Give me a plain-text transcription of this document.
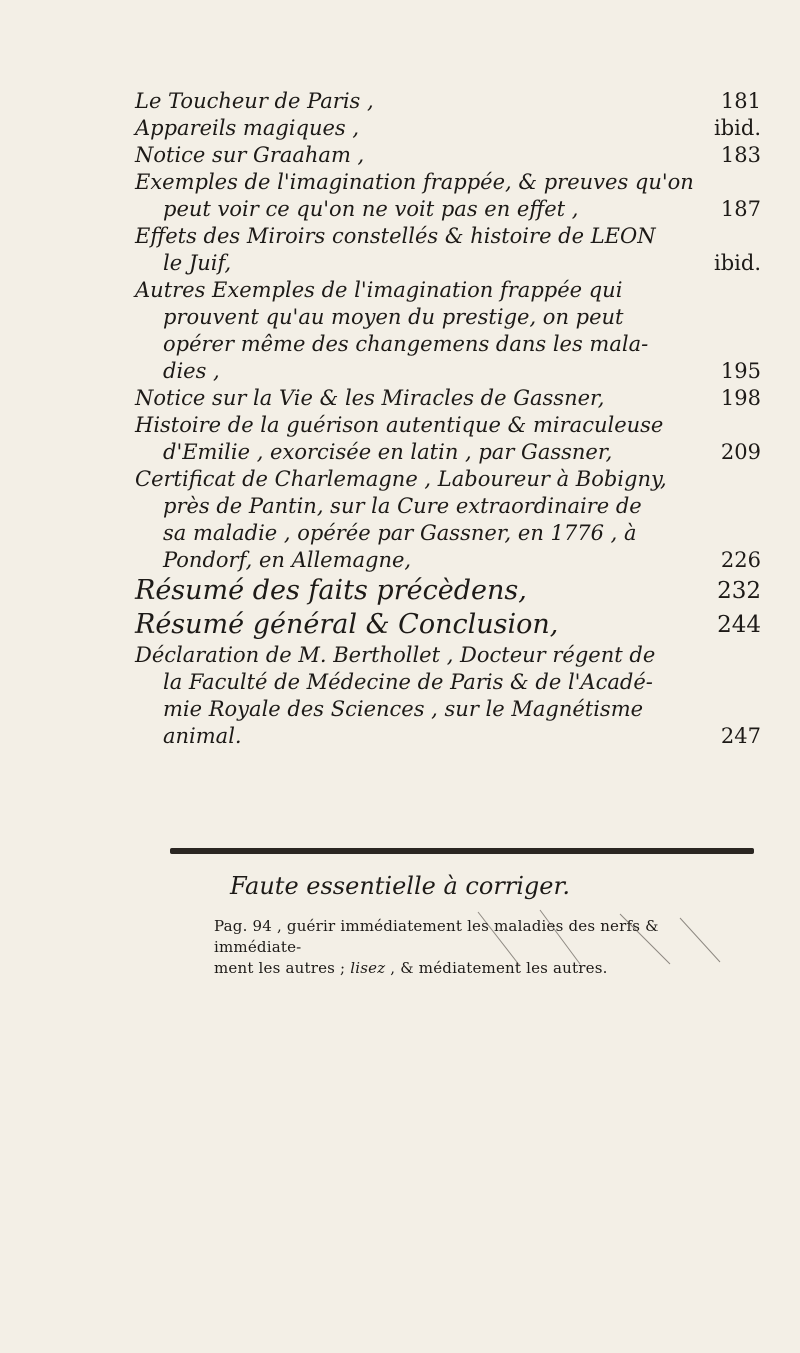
Le Toucheur de Paris ,	181
Appareils magiques ,	ibid.
Notice sur Graaham ,	183
Exemples de l'imagination frappée, & preuves qu'on
peut voir ce qu'on ne voit pas en effet ,	187
Effets des Miroirs constellés & histoire de LEON
le Juif,	ibid.
Autres Exemples de l'imagination frappée qui
prouvent qu'au moyen du prestige, on peut
opérer même des changemens dans les mala-
dies ,	195
Notice sur la Vie & les Miracles de Gassner,	198
Histoire de la guérison autentique & miraculeuse
d'Emilie , exorcisée en latin , par Gassner,	209
Certificat de Charlemagne , Laboureur à Bobigny,
près de Pantin, sur la Cure extraordinaire de
sa maladie , opérée par Gassner, en 1776 , à
Pondorf, en Allemagne,	226
Résumé des faits précèdens,	232
Résumé général & Conclusion,	244
Déclaration de M. Berthollet , Docteur régent de
la Faculté de Médecine de Paris & de l'Acadé-
mie Royale des Sciences , sur le Magnétisme
animal.	247
Faute essentielle à corriger.
Pag. 94 , guérir immédiatement les maladies des nerfs & immédiate-
ment les autres ; lisez , & médiatement les autres.
